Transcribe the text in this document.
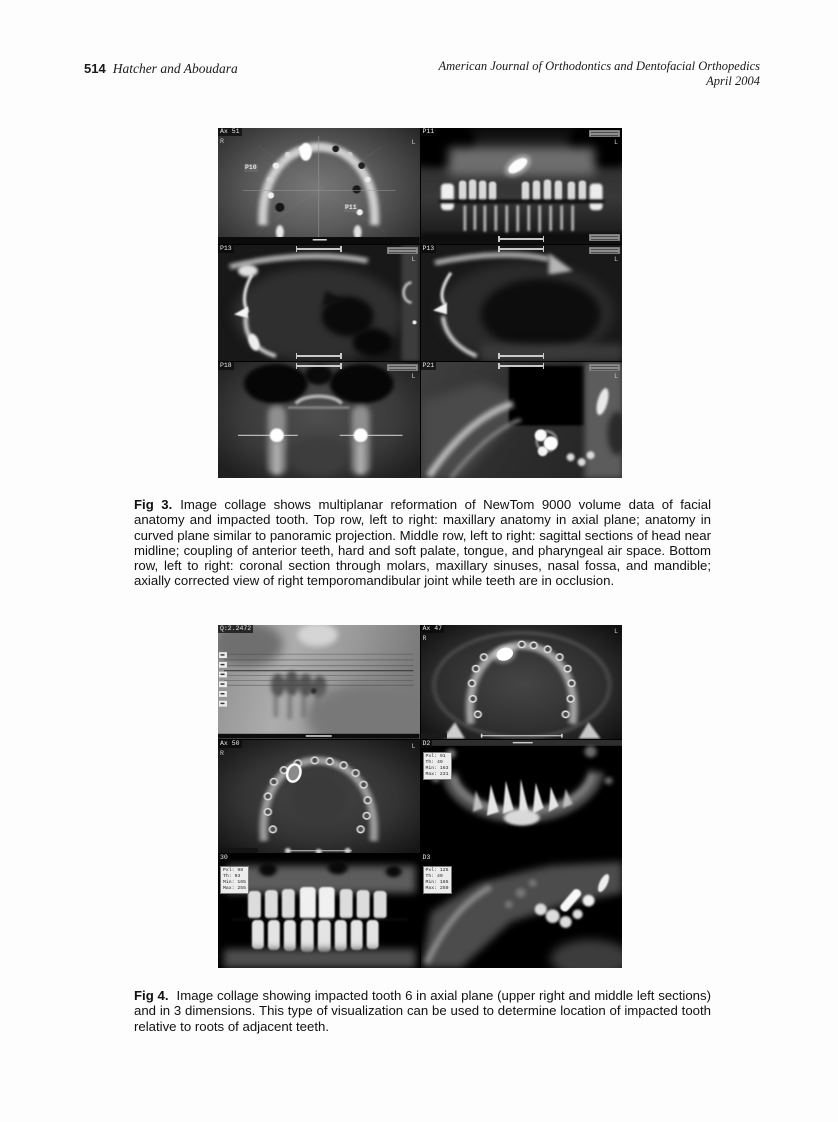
514 Hatcher and Aboudara	American Journal of Orthodontics and Dentofacial Orthopedics
April 2004
Ax 51
R	L
P10
P11
P11
L
P13
L
P13
L
P18
L
P21
L
Fig 3. Image collage shows multiplanar reformation of NewTom 9000 volume data of facial anatomy and impacted tooth. Top row, left to right: maxillary anatomy in axial plane; anatomy in curved plane similar to panoramic projection. Middle row, left to right: sagittal sections of head near midline; coupling of anterior teeth, hard and soft palate, tongue, and pharyngeal air space. Bottom row, left to right: coronal section through molars, maxillary sinuses, nasal fossa, and mandible; axially corrected view of right temporomandibular joint while teeth are in occlusion.
Q:2.2472	Ax 47
R
L
Ax 50
R
L	D2
Pxl: 91
Th: 49
Min: 163
Max: 231
30
Pxl: 98
Th: 93
Min: 165
Max: 255
D3
Pxl: 125
Th: 49
Min: 165
Max: 250
Fig 4. Image collage showing impacted tooth 6 in axial plane (upper right and middle left sections) and in 3 dimensions. This type of visualization can be used to determine location of impacted tooth relative to roots of adjacent teeth.
